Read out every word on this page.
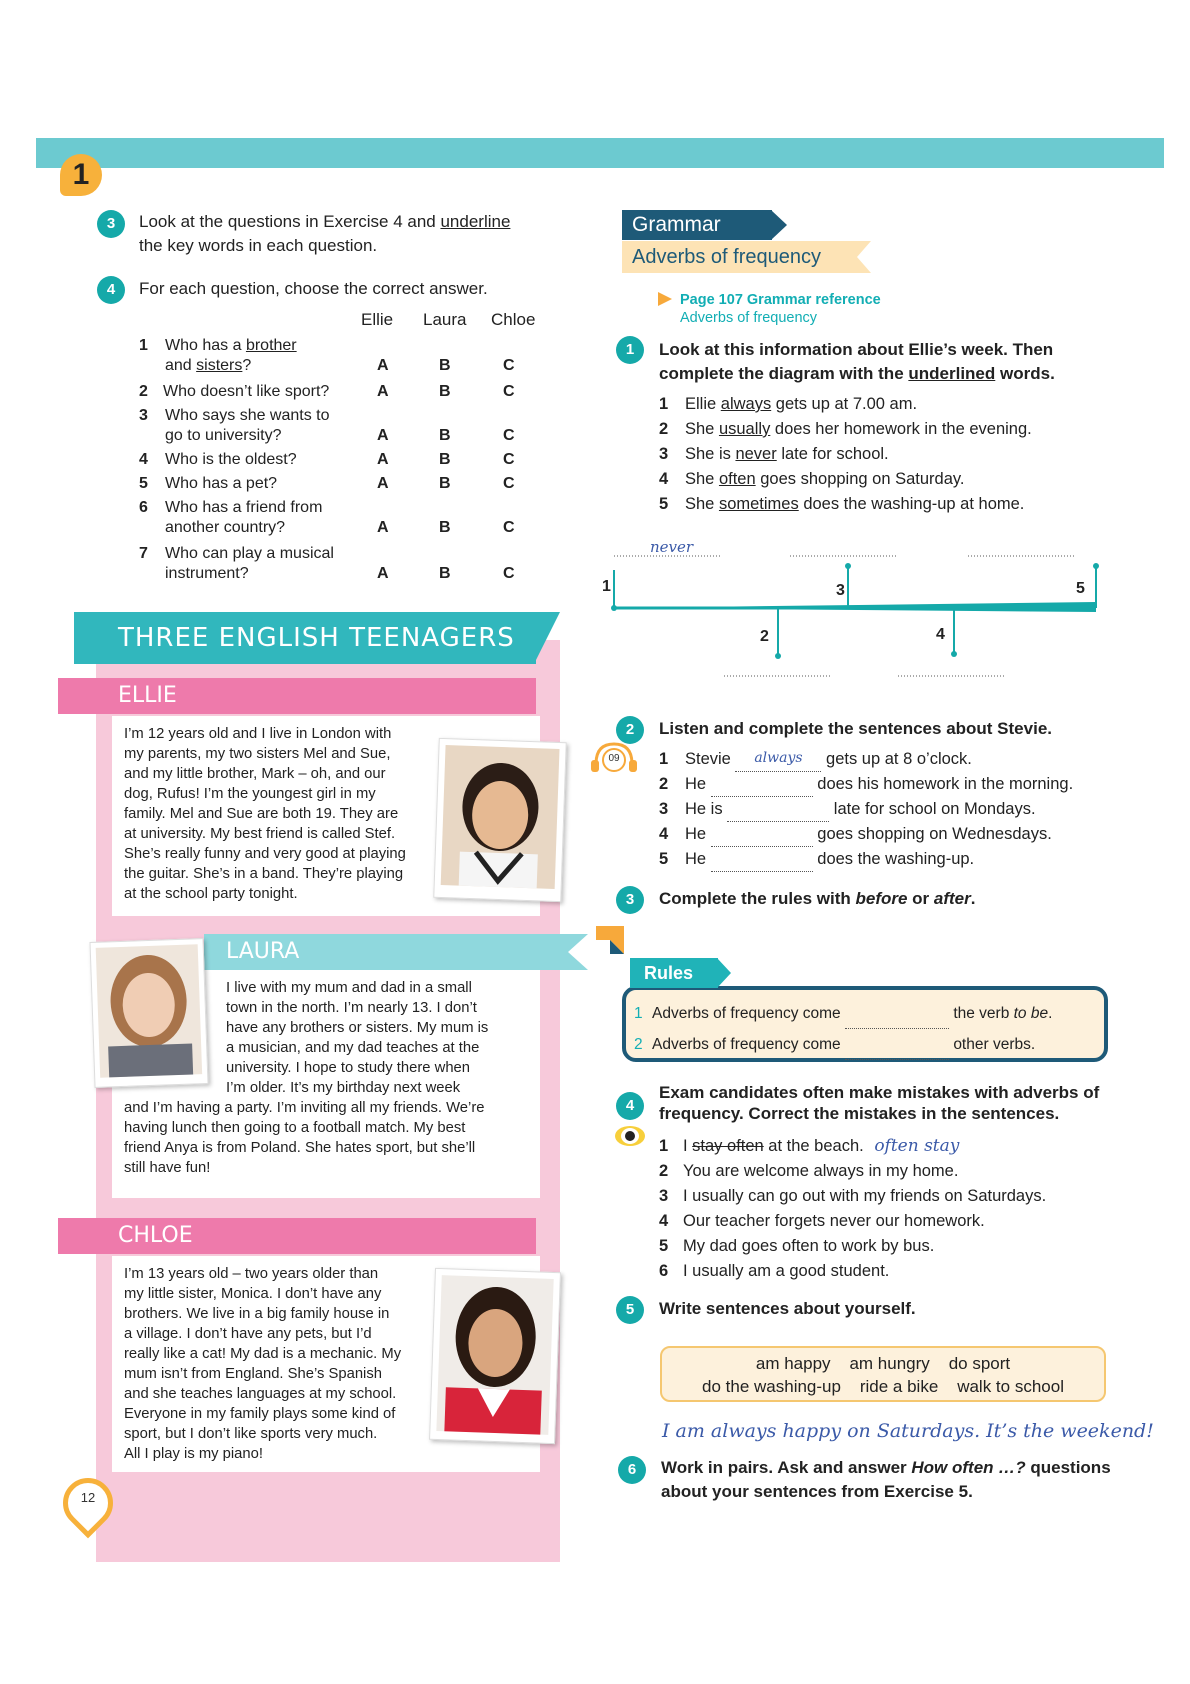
1
3	Look at the questions in Exercise 4 and underline
the key words in each question.
4	For each question, choose the correct answer.
Ellie Laura Chloe
1 Who has a brother
and sisters?	A	B	C
2 Who doesn’t like sport?	A	B	C
3 Who says she wants to
go to university?	A	B	C
4 Who is the oldest?	A	B	C
5 Who has a pet?	A	B	C
6 Who has a friend from
another country?	A	B	C
7 Who can play a musical
instrument?	A	B	C
THREE ENGLISH TEENAGERS
ELLIE
I’m 12 years old and I live in London with
my parents, my two sisters Mel and Sue,
and my little brother, Mark – oh, and our
dog, Rufus! I’m the youngest girl in my
family. Mel and Sue are both 19. They are
at university. My best friend is called Stef.
She’s really funny and very good at playing
the guitar. She’s in a band. They’re playing
at the school party tonight.
LAURA
I live with my mum and dad in a small
town in the north. I’m nearly 13. I don’t
have any brothers or sisters. My mum is
a musician, and my dad teaches at the
university. I hope to study there when
I’m older. It’s my birthday next week
and I’m having a party. I’m inviting all my friends. We’re
having lunch then going to a football match. My best
friend Anya is from Poland. She hates sport, but she’ll
still have fun!
CHLOE
I’m 13 years old – two years older than
my little sister, Monica. I don’t have any
brothers. We live in a big family house in
a village. I don’t have any pets, but I’d
really like a cat! My dad is a mechanic. My
mum isn’t from England. She’s Spanish
and she teaches languages at my school.
Everyone in my family plays some kind of
sport, but I don’t like sports very much.
All I play is my piano!
12
Grammar
Adverbs of frequency
Page 107 Grammar reference
Adverbs of frequency
1	Look at this information about Ellie’s week. Then
complete the diagram with the underlined words.
1 Ellie always gets up at 7.00 am.
2 She usually does her homework in the evening.
3 She is never late for school.
4 She often goes shopping on Saturday.
5 She sometimes does the washing-up at home.
never
1
2
3
4
5
2	Listen and complete the sentences about Stevie.
09 1 Stevie always gets up at 8 o’clock.
2 He	does his homework in the morning.
3 He is	late for school on Mondays.
4 He	goes shopping on Wednesdays.
5 He	does the washing-up.
3	Complete the rules with before or after.
Rules
1 Adverbs of frequency come	the verb to be.
2 Adverbs of frequency come	other verbs.
4
Exam candidates often make mistakes with adverbs of
frequency. Correct the mistakes in the sentences.
1 I stay often at the beach. often stay
2 You are welcome always in my home.
3 I usually can go out with my friends on Saturdays.
4 Our teacher forgets never our homework.
5 My dad goes often to work by bus.
6 I usually am a good student.
5	Write sentences about yourself.
am happy am hungry do sport
do the washing-up ride a bike walk to school
I am always happy on Saturdays. It’s the weekend!
6	Work in pairs. Ask and answer How often …? questions
about your sentences from Exercise 5.
